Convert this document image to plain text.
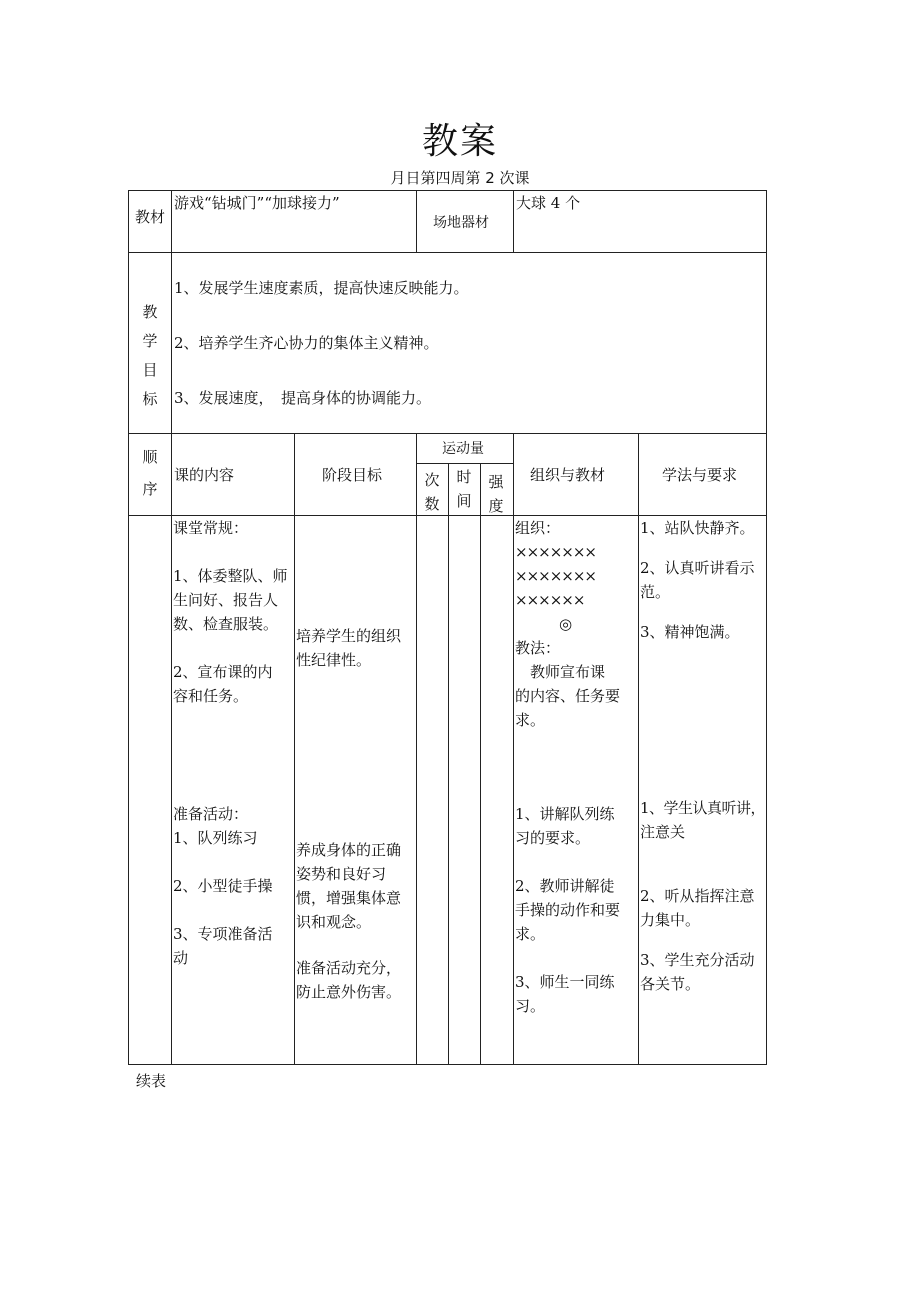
教案
月日第四周第 2 次课
教材
游戏“钻城门”“加球接力”
场地器材
大球 4 个
教
学
目
标
1、发展学生速度素质，提高快速反映能力。
2、培养学生齐心协力的集体主义精神。
3、发展速度，　提高身体的协调能力。
顺
序
课的内容	阶段目标
运动量
次
数
时
间
强
度
组织与教材	学法与要求
课堂常规：
1、体委整队、师
生问好、报告人
数、检查服装。
2、宣布课的内
容和任务。
准备活动：
1、队列练习
2、小型徒手操
3、专项准备活
动
培养学生的组织
性纪律性。
养成身体的正确
姿势和良好习
惯，增强集体意
识和观念。
准备活动充分，
防止意外伤害。
组织：
×××××××
×××××××
××××××
◎
教法：
　教师宣布课
的内容、任务要
求。
1、讲解队列练
习的要求。
2、教师讲解徒
手操的动作和要
求。
3、师生一同练
习。
1、站队快静齐。
2、认真听讲看示
范。
3、精神饱满。
1、学生认真听讲，
注意关
2、听从指挥注意
力集中。
3、学生充分活动
各关节。
续表
